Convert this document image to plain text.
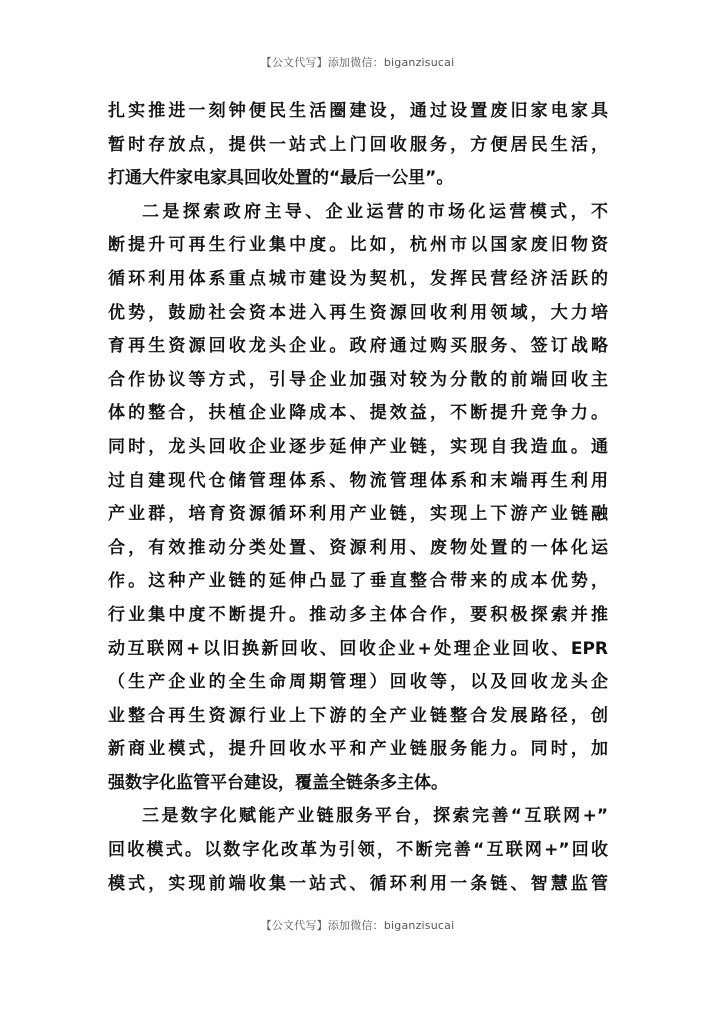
【公文代写】添加微信：biganzisucai

扎实推进一刻钟便民生活圈建设，通过设置废旧家电家具
暂时存放点，提供一站式上门回收服务，方便居民生活，
打通大件家电家具回收处置的“最后一公里”。

二是探索政府主导、企业运营的市场化运营模式，不
断提升可再生行业集中度。比如，杭州市以国家废旧物资
循环利用体系重点城市建设为契机，发挥民营经济活跃的
优势，鼓励社会资本进入再生资源回收利用领域，大力培
育再生资源回收龙头企业。政府通过购买服务、签订战略
合作协议等方式，引导企业加强对较为分散的前端回收主
体的整合，扶植企业降成本、提效益，不断提升竞争力。
同时，龙头回收企业逐步延伸产业链，实现自我造血。通
过自建现代仓储管理体系、物流管理体系和末端再生利用
产业群，培育资源循环利用产业链，实现上下游产业链融
合，有效推动分类处置、资源利用、废物处置的一体化运
作。这种产业链的延伸凸显了垂直整合带来的成本优势，
行业集中度不断提升。推动多主体合作，要积极探索并推
动互联网+以旧换新回收、回收企业+处理企业回收、EPR
（生产企业的全生命周期管理）回收等，以及回收龙头企
业整合再生资源行业上下游的全产业链整合发展路径，创
新商业模式，提升回收水平和产业链服务能力。同时，加
强数字化监管平台建设，覆盖全链条多主体。

三是数字化赋能产业链服务平台，探索完善“互联网+”
回收模式。以数字化改革为引领，不断完善“互联网+”回收
模式，实现前端收集一站式、循环利用一条链、智慧监管

【公文代写】添加微信：biganzisucai
